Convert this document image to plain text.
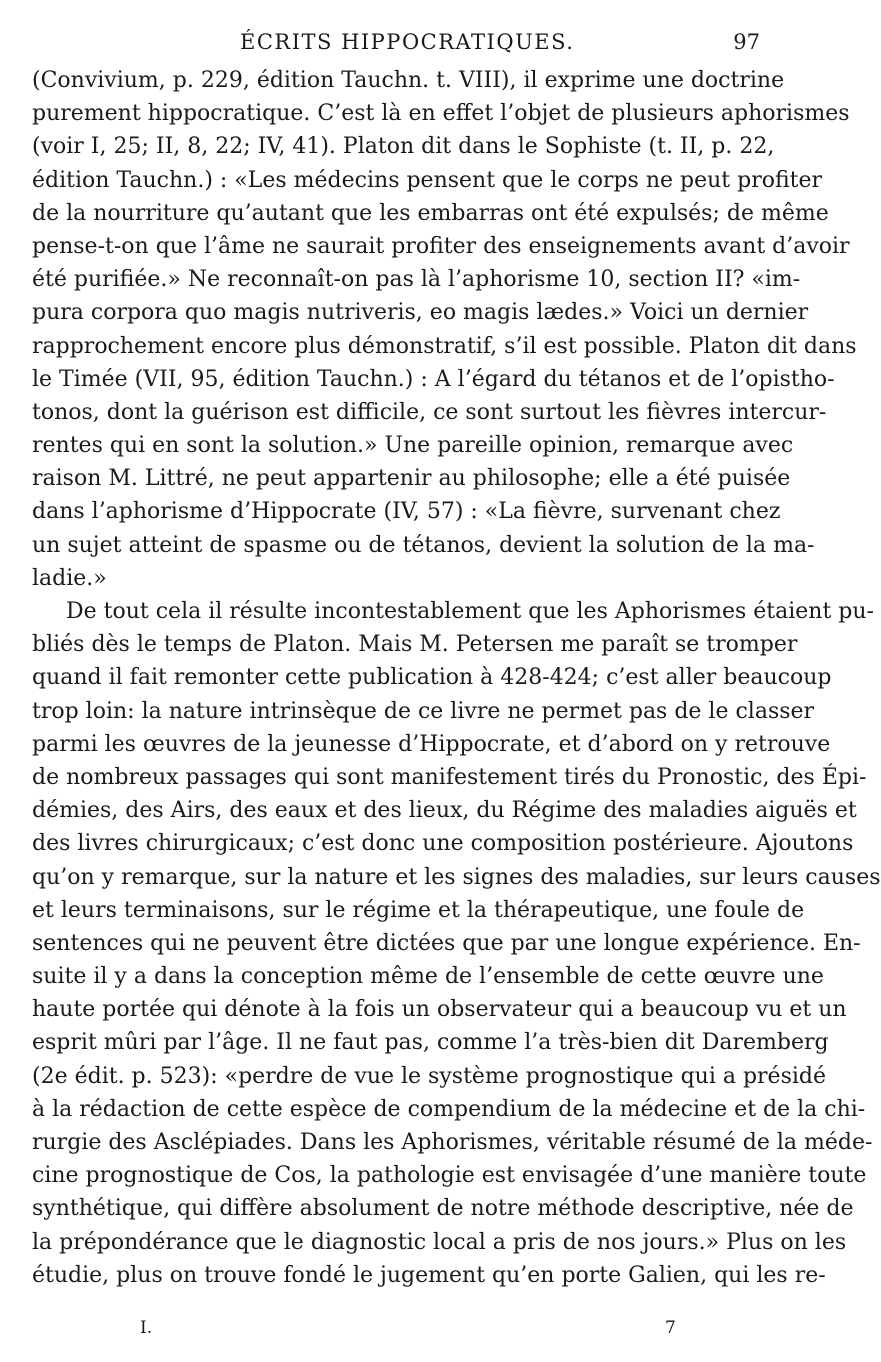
ÉCRITS HIPPOCRATIQUES.	97
(Convivium, p. 229, édition Tauchn. t. VIII), il exprime une doctrine
purement hippocratique. C’est là en effet l’objet de plusieurs aphorismes
(voir I, 25; II, 8, 22; IV, 41). Platon dit dans le Sophiste (t. II, p. 22,
édition Tauchn.) : «Les médecins pensent que le corps ne peut profiter
de la nourriture qu’autant que les embarras ont été expulsés; de même
pense-t-on que l’âme ne saurait profiter des enseignements avant d’avoir
été purifiée.» Ne reconnaît-on pas là l’aphorisme 10, section II? «im-
pura corpora quo magis nutriveris, eo magis lædes.» Voici un dernier
rapprochement encore plus démonstratif, s’il est possible. Platon dit dans
le Timée (VII, 95, édition Tauchn.) : A l’égard du tétanos et de l’opistho-
tonos, dont la guérison est difficile, ce sont surtout les fièvres intercur-
rentes qui en sont la solution.» Une pareille opinion, remarque avec
raison M. Littré, ne peut appartenir au philosophe; elle a été puisée
dans l’aphorisme d’Hippocrate (IV, 57) : «La fièvre, survenant chez
un sujet atteint de spasme ou de tétanos, devient la solution de la ma-
ladie.»
De tout cela il résulte incontestablement que les Aphorismes étaient pu-
bliés dès le temps de Platon. Mais M. Petersen me paraît se tromper
quand il fait remonter cette publication à 428-424; c’est aller beaucoup
trop loin: la nature intrinsèque de ce livre ne permet pas de le classer
parmi les œuvres de la jeunesse d’Hippocrate, et d’abord on y retrouve
de nombreux passages qui sont manifestement tirés du Pronostic, des Épi-
démies, des Airs, des eaux et des lieux, du Régime des maladies aiguës et
des livres chirurgicaux; c’est donc une composition postérieure. Ajoutons
qu’on y remarque, sur la nature et les signes des maladies, sur leurs causes
et leurs terminaisons, sur le régime et la thérapeutique, une foule de
sentences qui ne peuvent être dictées que par une longue expérience. En-
suite il y a dans la conception même de l’ensemble de cette œuvre une
haute portée qui dénote à la fois un observateur qui a beaucoup vu et un
esprit mûri par l’âge. Il ne faut pas, comme l’a très-bien dit Daremberg
(2e édit. p. 523): «perdre de vue le système prognostique qui a présidé
à la rédaction de cette espèce de compendium de la médecine et de la chi-
rurgie des Asclépiades. Dans les Aphorismes, véritable résumé de la méde-
cine prognostique de Cos, la pathologie est envisagée d’une manière toute
synthétique, qui diffère absolument de notre méthode descriptive, née de
la prépondérance que le diagnostic local a pris de nos jours.» Plus on les
étudie, plus on trouve fondé le jugement qu’en porte Galien, qui les re-
I.	7
